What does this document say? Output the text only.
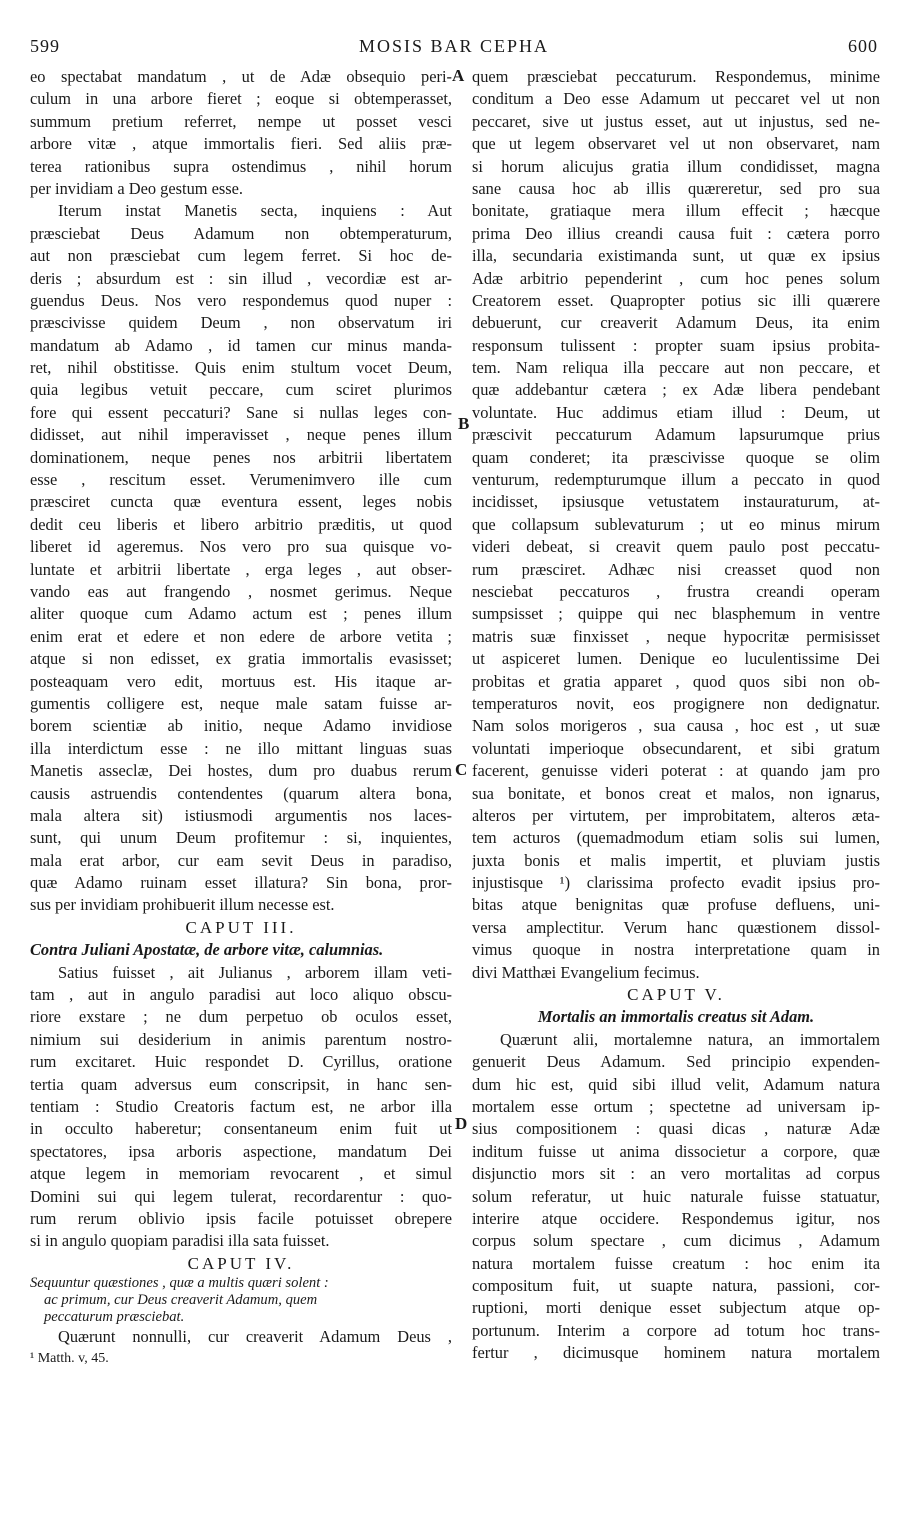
599	MOSIS BAR CEPHA	600
eo spectabat mandatum , ut de Adæ obsequio peri-
culum in una arbore fieret ; eoque si obtemperasset,
summum pretium referret, nempe ut posset vesci
arbore vitæ , atque immortalis fieri. Sed aliis præ-
terea rationibus supra ostendimus , nihil horum
per invidiam a Deo gestum esse.
Iterum instat Manetis secta, inquiens : Aut
præsciebat Deus Adamum non obtemperaturum,
aut non præsciebat cum legem ferret. Si hoc de-
deris ; absurdum est : sin illud , vecordiæ est ar-
guendus Deus. Nos vero respondemus quod nuper :
præscivisse quidem Deum , non observatum iri
mandatum ab Adamo , id tamen cur minus manda-
ret, nihil obstitisse. Quis enim stultum vocet Deum,
quia legibus vetuit peccare, cum sciret plurimos
fore qui essent peccaturi? Sane si nullas leges con-
didisset, aut nihil imperavisset , neque penes illum
dominationem, neque penes nos arbitrii libertatem
esse , rescitum esset. Verumenimvero ille cum
præsciret cuncta quæ eventura essent, leges nobis
dedit ceu liberis et libero arbitrio præditis, ut quod
liberet id ageremus. Nos vero pro sua quisque vo-
luntate et arbitrii libertate , erga leges , aut obser-
vando eas aut frangendo , nosmet gerimus. Neque
aliter quoque cum Adamo actum est ; penes illum
enim erat et edere et non edere de arbore vetita ;
atque si non edisset, ex gratia immortalis evasisset;
posteaquam vero edit, mortuus est. His itaque ar-
gumentis colligere est, neque male satam fuisse ar-
borem scientiæ ab initio, neque Adamo invidiose
illa interdictum esse : ne illo mittant linguas suas
Manetis asseclæ, Dei hostes, dum pro duabus rerum
causis astruendis contendentes (quarum altera bona,
mala altera sit) istiusmodi argumentis nos laces-
sunt, qui unum Deum profitemur : si, inquientes,
mala erat arbor, cur eam sevit Deus in paradiso,
quæ Adamo ruinam esset illatura? Sin bona, pror-
sus per invidiam prohibuerit illum necesse est.
CAPUT III.
Contra Juliani Apostatæ, de arbore vitæ, calumnias.
Satius fuisset , ait Julianus , arborem illam veti-
tam , aut in angulo paradisi aut loco aliquo obscu-
riore exstare ; ne dum perpetuo ob oculos esset,
nimium sui desiderium in animis parentum nostro-
rum excitaret. Huic respondet D. Cyrillus, oratione
tertia quam adversus eum conscripsit, in hanc sen-
tentiam : Studio Creatoris factum est, ne arbor illa
in occulto haberetur; consentaneum enim fuit ut
spectatores, ipsa arboris aspectione, mandatum Dei
atque legem in memoriam revocarent , et simul
Domini sui qui legem tulerat, recordarentur : quo-
rum rerum oblivio ipsis facile potuisset obrepere
si in angulo quopiam paradisi illa sata fuisset.
CAPUT IV.
Sequuntur quæstiones , quæ a multis quæri solent :
ac primum, cur Deus creaverit Adamum, quem
peccaturum præsciebat.
Quærunt nonnulli, cur creaverit Adamum Deus ,
¹ Matth. v, 45.
quem præsciebat peccaturum. Respondemus, minime
conditum a Deo esse Adamum ut peccaret vel ut non
peccaret, sive ut justus esset, aut ut injustus, sed ne-
que ut legem observaret vel ut non observaret, nam
si horum alicujus gratia illum condidisset, magna
sane causa hoc ab illis quæreretur, sed pro sua
bonitate, gratiaque mera illum effecit ; hæcque
prima Deo illius creandi causa fuit : cætera porro
illa, secundaria existimanda sunt, ut quæ ex ipsius
Adæ arbitrio pependerint , cum hoc penes solum
Creatorem esset. Quapropter potius sic illi quærere
debuerunt, cur creaverit Adamum Deus, ita enim
responsum tulissent : propter suam ipsius probita-
tem. Nam reliqua illa peccare aut non peccare, et
quæ addebantur cætera ; ex Adæ libera pendebant
voluntate. Huc addimus etiam illud : Deum, ut
præscivit peccaturum Adamum lapsurumque prius
quam conderet; ita præscivisse quoque se olim
venturum, redempturumque illum a peccato in quod
incidisset, ipsiusque vetustatem instauraturum, at-
que collapsum sublevaturum ; ut eo minus mirum
videri debeat, si creavit quem paulo post peccatu-
rum præsciret. Adhæc nisi creasset quod non
nesciebat peccaturos , frustra creandi operam
sumpsisset ; quippe qui nec blasphemum in ventre
matris suæ finxisset , neque hypocritæ permisisset
ut aspiceret lumen. Denique eo luculentissime Dei
probitas et gratia apparet , quod quos sibi non ob-
temperaturos novit, eos progignere non dedignatur.
Nam solos morigeros , sua causa , hoc est , ut suæ
voluntati imperioque obsecundarent, et sibi gratum
facerent, genuisse videri poterat : at quando jam pro
sua bonitate, et bonos creat et malos, non ignarus,
alteros per virtutem, per improbitatem, alteros æta-
tem acturos (quemadmodum etiam solis sui lumen,
juxta bonis et malis impertit, et pluviam justis
injustisque ¹) clarissima profecto evadit ipsius pro-
bitas atque benignitas quæ profuse defluens, uni-
versa amplectitur. Verum hanc quæstionem dissol-
vimus quoque in nostra interpretatione quam in
divi Matthæi Evangelium fecimus.
CAPUT V.
Mortalis an immortalis creatus sit Adam.
Quærunt alii, mortalemne natura, an immortalem
genuerit Deus Adamum. Sed principio expenden-
dum hic est, quid sibi illud velit, Adamum natura
mortalem esse ortum ; spectetne ad universam ip-
sius compositionem : quasi dicas , naturæ Adæ
inditum fuisse ut anima dissocietur a corpore, quæ
disjunctio mors sit : an vero mortalitas ad corpus
solum referatur, ut huic naturale fuisse statuatur,
interire atque occidere. Respondemus igitur, nos
corpus solum spectare , cum dicimus , Adamum
natura mortalem fuisse creatum : hoc enim ita
compositum fuit, ut suapte natura, passioni, cor-
ruptioni, morti denique esset subjectum atque op-
portunum. Interim a corpore ad totum hoc trans-
fertur , dicimusque hominem natura mortalem
A
B
C
D
